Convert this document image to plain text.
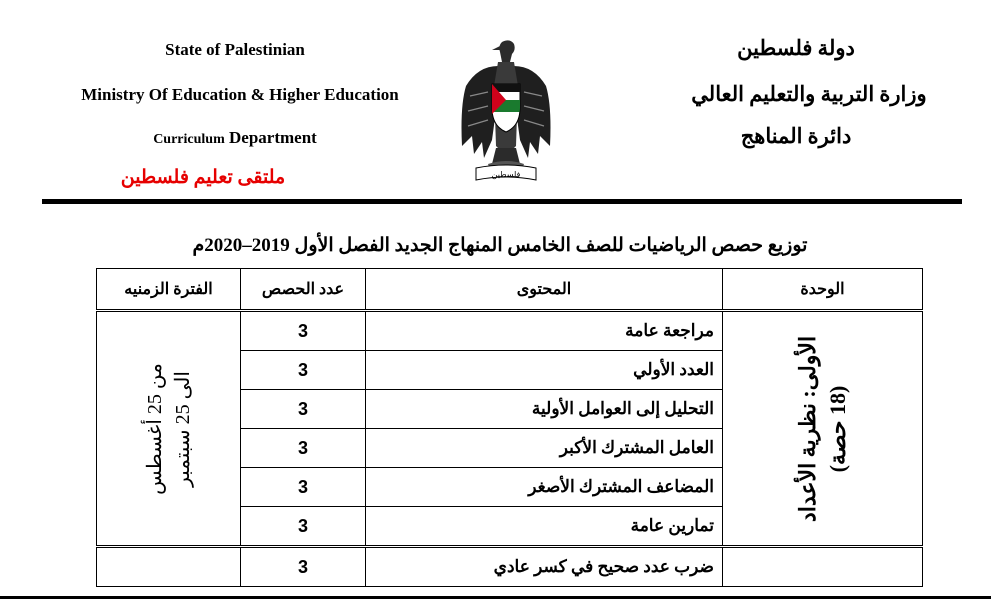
State of Palestinian
Ministry Of Education & Higher Education
Curriculum Department
ملتقى تعليم فلسطين
دولة فلسطين
وزارة التربية والتعليم العالي
دائرة المناهج
فلسطين
توزيع حصص الرياضيات للصف الخامس المنهاج الجديد الفصل الأول 2019–2020م
الوحدة	المحتوى	عدد الحصص	الفترة الزمنيه

الأولى: نظرية الأعداد (18 حصة)	مراجعة عامة	3	من 25 أغسطس
الى 25 سبتمبر

	العدد الأولي	3	
	التحليل إلى العوامل الأولية	3	
	العامل المشترك الأكبر	3	
	المضاعف المشترك الأصغر	3	
	تمارين عامة	3	
	ضرب عدد صحيح في كسر عادي	3	
